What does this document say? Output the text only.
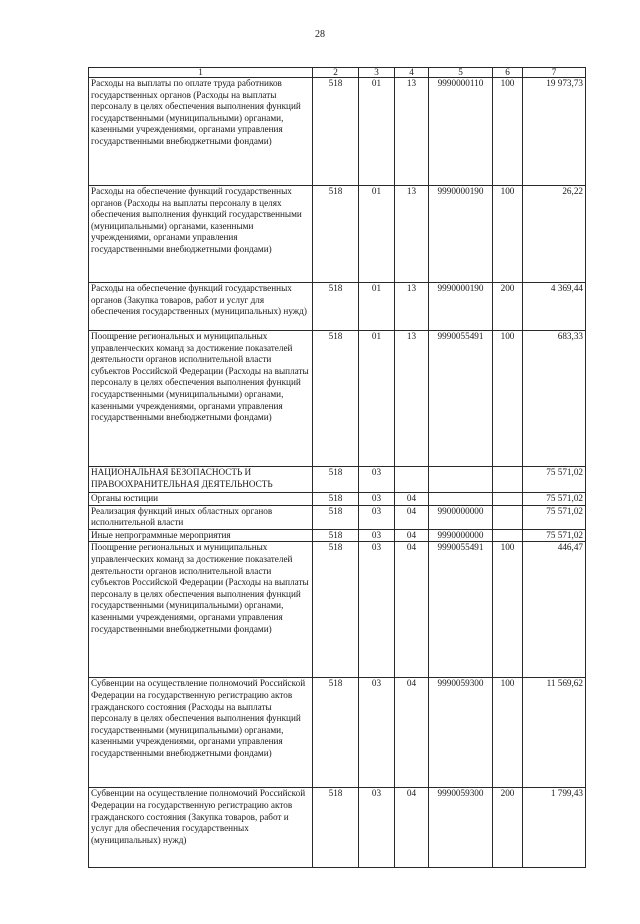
28
1	2	3	4	5	6	7
Расходы на выплаты по оплате труда работников государственных органов (Расходы на выплаты персоналу в целях обеспечения выполнения функций государственными (муниципальными) органами, казенными учреждениями, органами управления государственными внебюджетными фондами)	518	01	13	9990000110	100	19 973,73
Расходы на обеспечение функций государственных органов (Расходы на выплаты персоналу в целях обеспечения выполнения функций государственными (муниципальными) органами, казенными учреждениями, органами управления государственными внебюджетными фондами)	518	01	13	9990000190	100	26,22
Расходы на обеспечение функций государственных органов (Закупка товаров, работ и услуг для обеспечения государственных (муниципальных) нужд)	518	01	13	9990000190	200	4 369,44
Поощрение региональных и муниципальных управленческих команд за достижение показателей деятельности органов исполнительной власти субъектов Российской Федерации (Расходы на выплаты персоналу в целях обеспечения выполнения функций государственными (муниципальными) органами, казенными учреждениями, органами управления государственными внебюджетными фондами)	518	01	13	9990055491	100	683,33
НАЦИОНАЛЬНАЯ БЕЗОПАСНОСТЬ И ПРАВООХРАНИТЕЛЬНАЯ ДЕЯТЕЛЬНОСТЬ	518	03				75 571,02
Органы юстиции	518	03	04			75 571,02
Реализация функций иных областных органов исполнительной власти	518	03	04	9900000000		75 571,02
Иные непрограммные мероприятия	518	03	04	9990000000		75 571,02
Поощрение региональных и муниципальных управленческих команд за достижение показателей деятельности органов исполнительной власти субъектов Российской Федерации (Расходы на выплаты персоналу в целях обеспечения выполнения функций государственными (муниципальными) органами, казенными учреждениями, органами управления государственными внебюджетными фондами)	518	03	04	9990055491	100	446,47
Субвенции на осуществление полномочий Российской Федерации на государственную регистрацию актов гражданского состояния (Расходы на выплаты персоналу в целях обеспечения выполнения функций государственными (муниципальными) органами, казенными учреждениями, органами управления государственными внебюджетными фондами)	518	03	04	9990059300	100	11 569,62
Субвенции на осуществление полномочий Российской Федерации на государственную регистрацию актов гражданского состояния (Закупка товаров, работ и услуг для обеспечения государственных (муниципальных) нужд)	518	03	04	9990059300	200	1 799,43
